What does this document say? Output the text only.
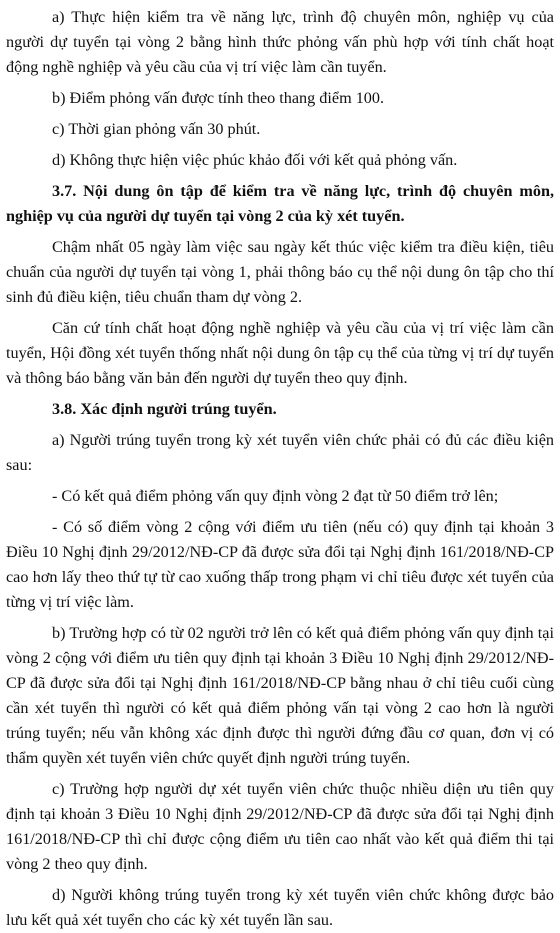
a) Thực hiện kiểm tra về năng lực, trình độ chuyên môn, nghiệp vụ của người dự tuyển tại vòng 2 bằng hình thức phỏng vấn phù hợp với tính chất hoạt động nghề nghiệp và yêu cầu của vị trí việc làm cần tuyển.

b) Điểm phỏng vấn được tính theo thang điểm 100.

c) Thời gian phỏng vấn 30 phút.

d) Không thực hiện việc phúc khảo đối với kết quả phỏng vấn.

3.7. Nội dung ôn tập để kiểm tra về năng lực, trình độ chuyên môn, nghiệp vụ của người dự tuyển tại vòng 2 của kỳ xét tuyển.

Chậm nhất 05 ngày làm việc sau ngày kết thúc việc kiểm tra điều kiện, tiêu chuẩn của người dự tuyển tại vòng 1, phải thông báo cụ thể nội dung ôn tập cho thí sinh đủ điều kiện, tiêu chuẩn tham dự vòng 2.

Căn cứ tính chất hoạt động nghề nghiệp và yêu cầu của vị trí việc làm cần tuyển, Hội đồng xét tuyển thống nhất nội dung ôn tập cụ thể của từng vị trí dự tuyển và thông báo bằng văn bản đến người dự tuyển theo quy định.

3.8. Xác định người trúng tuyển.

a) Người trúng tuyển trong kỳ xét tuyển viên chức phải có đủ các điều kiện sau:

- Có kết quả điểm phỏng vấn quy định vòng 2 đạt từ 50 điểm trở lên;

- Có số điểm vòng 2 cộng với điểm ưu tiên (nếu có) quy định tại khoản 3 Điều 10 Nghị định 29/2012/NĐ-CP đã được sửa đổi tại Nghị định 161/2018/NĐ-CP cao hơn lấy theo thứ tự từ cao xuống thấp trong phạm vi chỉ tiêu được xét tuyển của từng vị trí việc làm.

b) Trường hợp có từ 02 người trở lên có kết quả điểm phỏng vấn quy định tại vòng 2 cộng với điểm ưu tiên quy định tại khoản 3 Điều 10 Nghị định 29/2012/NĐ-CP đã được sửa đổi tại Nghị định 161/2018/NĐ-CP bằng nhau ở chỉ tiêu cuối cùng cần xét tuyển thì người có kết quả điểm phỏng vấn tại vòng 2 cao hơn là người trúng tuyển; nếu vẫn không xác định được thì người đứng đầu cơ quan, đơn vị có thẩm quyền xét tuyển viên chức quyết định người trúng tuyển.

c) Trường hợp người dự xét tuyển viên chức thuộc nhiều diện ưu tiên quy định tại khoản 3 Điều 10 Nghị định 29/2012/NĐ-CP đã được sửa đổi tại Nghị định 161/2018/NĐ-CP thì chỉ được cộng điểm ưu tiên cao nhất vào kết quả điểm thi tại vòng 2 theo quy định.

d) Người không trúng tuyển trong kỳ xét tuyển viên chức không được bảo lưu kết quả xét tuyển cho các kỳ xét tuyển lần sau.
